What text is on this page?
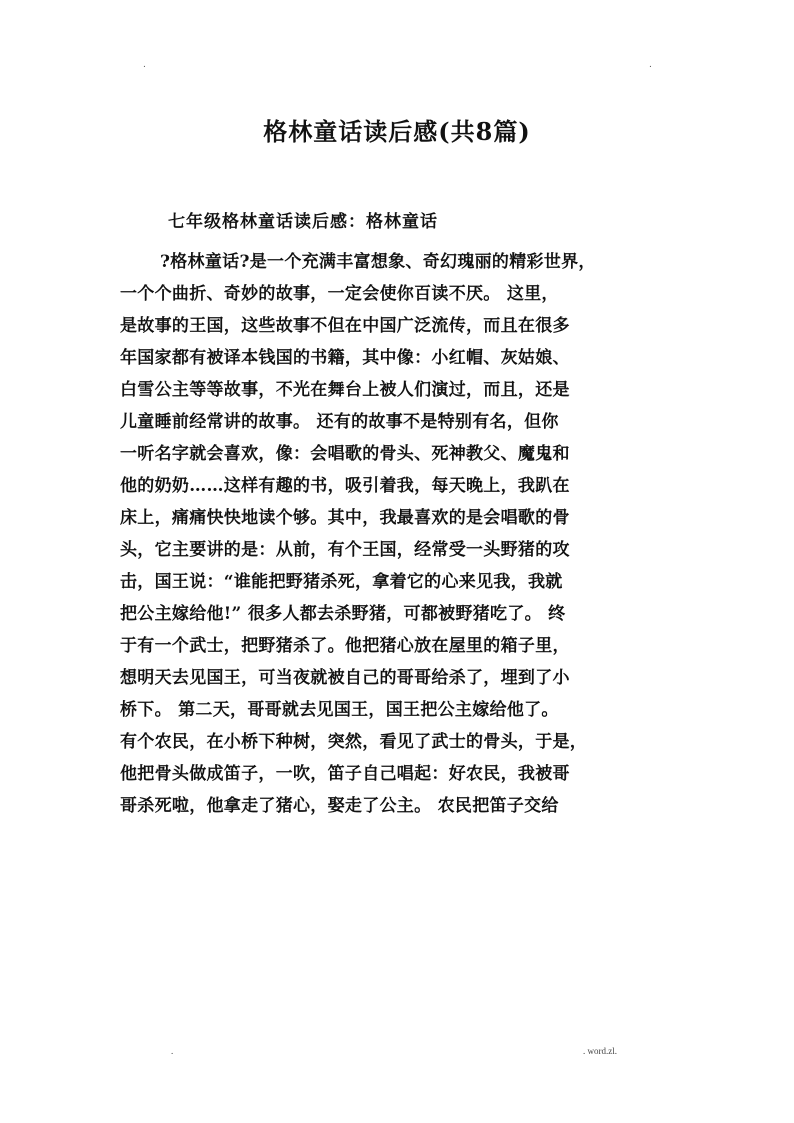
.	.
格林童话读后感(共8篇)
七年级格林童话读后感：格林童话
?格林童话?是一个充满丰富想象、奇幻瑰丽的精彩世界，
一个个曲折、奇妙的故事，一定会使你百读不厌。 这里，
是故事的王国，这些故事不但在中国广泛流传，而且在很多
年国家都有被译本钱国的书籍，其中像：小红帽、灰姑娘、
白雪公主等等故事，不光在舞台上被人们演过，而且，还是
儿童睡前经常讲的故事。 还有的故事不是特别有名，但你
一听名字就会喜欢，像：会唱歌的骨头、死神教父、魔鬼和
他的奶奶……这样有趣的书，吸引着我，每天晚上，我趴在
床上，痛痛快快地读个够。其中，我最喜欢的是会唱歌的骨
头，它主要讲的是：从前，有个王国，经常受一头野猪的攻
击，国王说：“谁能把野猪杀死，拿着它的心来见我，我就
把公主嫁给他!” 很多人都去杀野猪，可都被野猪吃了。 终
于有一个武士，把野猪杀了。他把猪心放在屋里的箱子里，
想明天去见国王，可当夜就被自己的哥哥给杀了，埋到了小
桥下。 第二天，哥哥就去见国王，国王把公主嫁给他了。
有个农民，在小桥下种树，突然，看见了武士的骨头，于是，
他把骨头做成笛子，一吹，笛子自己唱起：好农民，我被哥
哥杀死啦，他拿走了猪心，娶走了公主。 农民把笛子交给
.	. word.zl.
